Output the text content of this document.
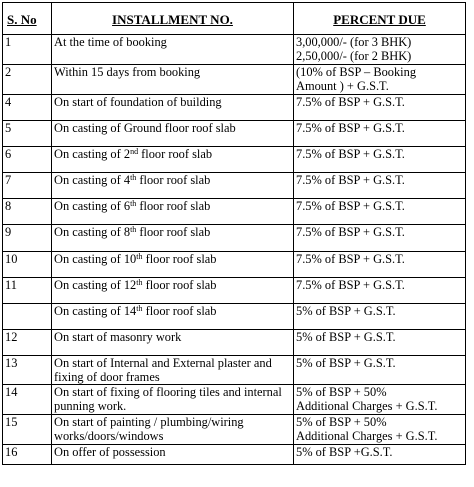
S. No	INSTALLMENT NO.	PERCENT DUE
1	At the time of booking	3,00,000/- (for 3 BHK)
2,50,000/- (for 2 BHK)

2	Within 15 days from booking	(10% of BSP – Booking
Amount ) + G.S.T.

4	On start of foundation of building	7.5% of BSP + G.S.T.

5	On casting of Ground floor roof slab	7.5% of BSP + G.S.T.

6	On casting of 2nd floor roof slab	7.5% of BSP + G.S.T.

7	On casting of 4th floor roof slab	7.5% of BSP + G.S.T.

8	On casting of 6th floor roof slab	7.5% of BSP + G.S.T.

9	On casting of 8th floor roof slab	7.5% of BSP + G.S.T.

10	On casting of 10th floor roof slab	7.5% of BSP + G.S.T.

11	On casting of 12th floor roof slab	7.5% of BSP + G.S.T.

	On casting of 14th floor roof slab	5% of BSP + G.S.T.

12	On start of masonry work	5% of BSP + G.S.T.

13	On start of Internal and External plaster and fixing of door frames	5% of BSP + G.S.T.

14	On start of fixing of flooring tiles and internal punning work.	5% of BSP + 50%
Additional Charges + G.S.T.

15	On start of painting / plumbing/wiring works/doors/windows	5% of BSP + 50%
Additional Charges + G.S.T.

16	On offer of possession	5% of BSP +G.S.T.
